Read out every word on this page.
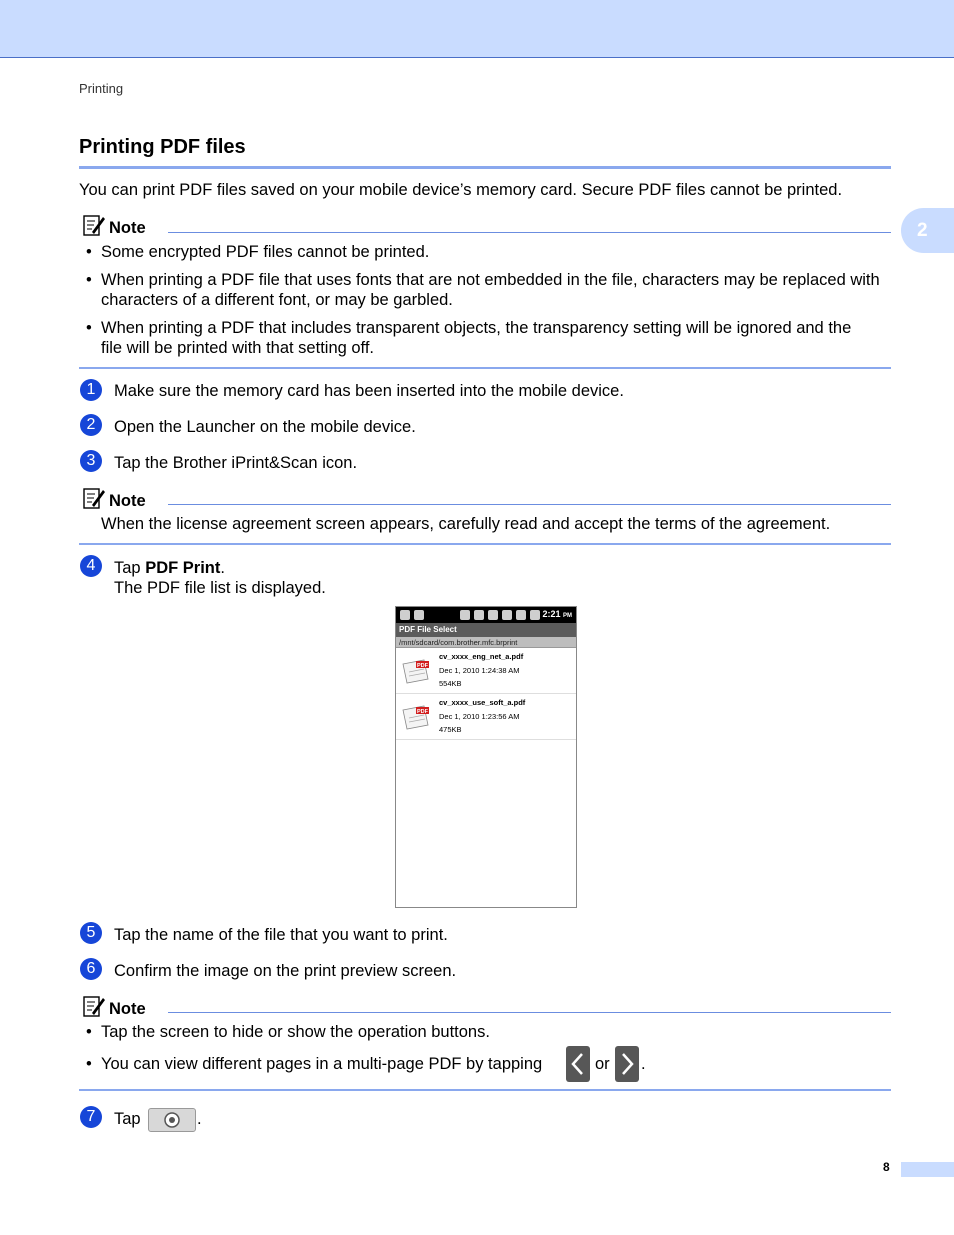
Printing
2
Printing PDF files
You can print PDF files saved on your mobile device’s memory card. Secure PDF files cannot be printed.
Note
• Some encrypted PDF files cannot be printed.
• When printing a PDF file that uses fonts that are not embedded in the file, characters may be replaced with
characters of a different font, or may be garbled.
• When printing a PDF that includes transparent objects, the transparency setting will be ignored and the
file will be printed with that setting off.
1	Make sure the memory card has been inserted into the mobile device.
2	Open the Launcher on the mobile device.
3	Tap the Brother iPrint&Scan icon.
Note
When the license agreement screen appears, carefully read and accept the terms of the agreement.
4	Tap PDF Print.
The PDF file list is displayed.
2:21 PM
PDF File Select
/mnt/sdcard/com.brother.mfc.brprint
PDF
cv_xxxx_eng_net_a.pdf
Dec 1, 2010 1:24:38 AM
554KB
PDF
cv_xxxx_use_soft_a.pdf
Dec 1, 2010 1:23:56 AM
475KB
5	Tap the name of the file that you want to print.
6	Confirm the image on the print preview screen.
Note
• Tap the screen to hide or show the operation buttons.
• You can view different pages in a multi-page PDF by tapping	or .
7	Tap	.
8
